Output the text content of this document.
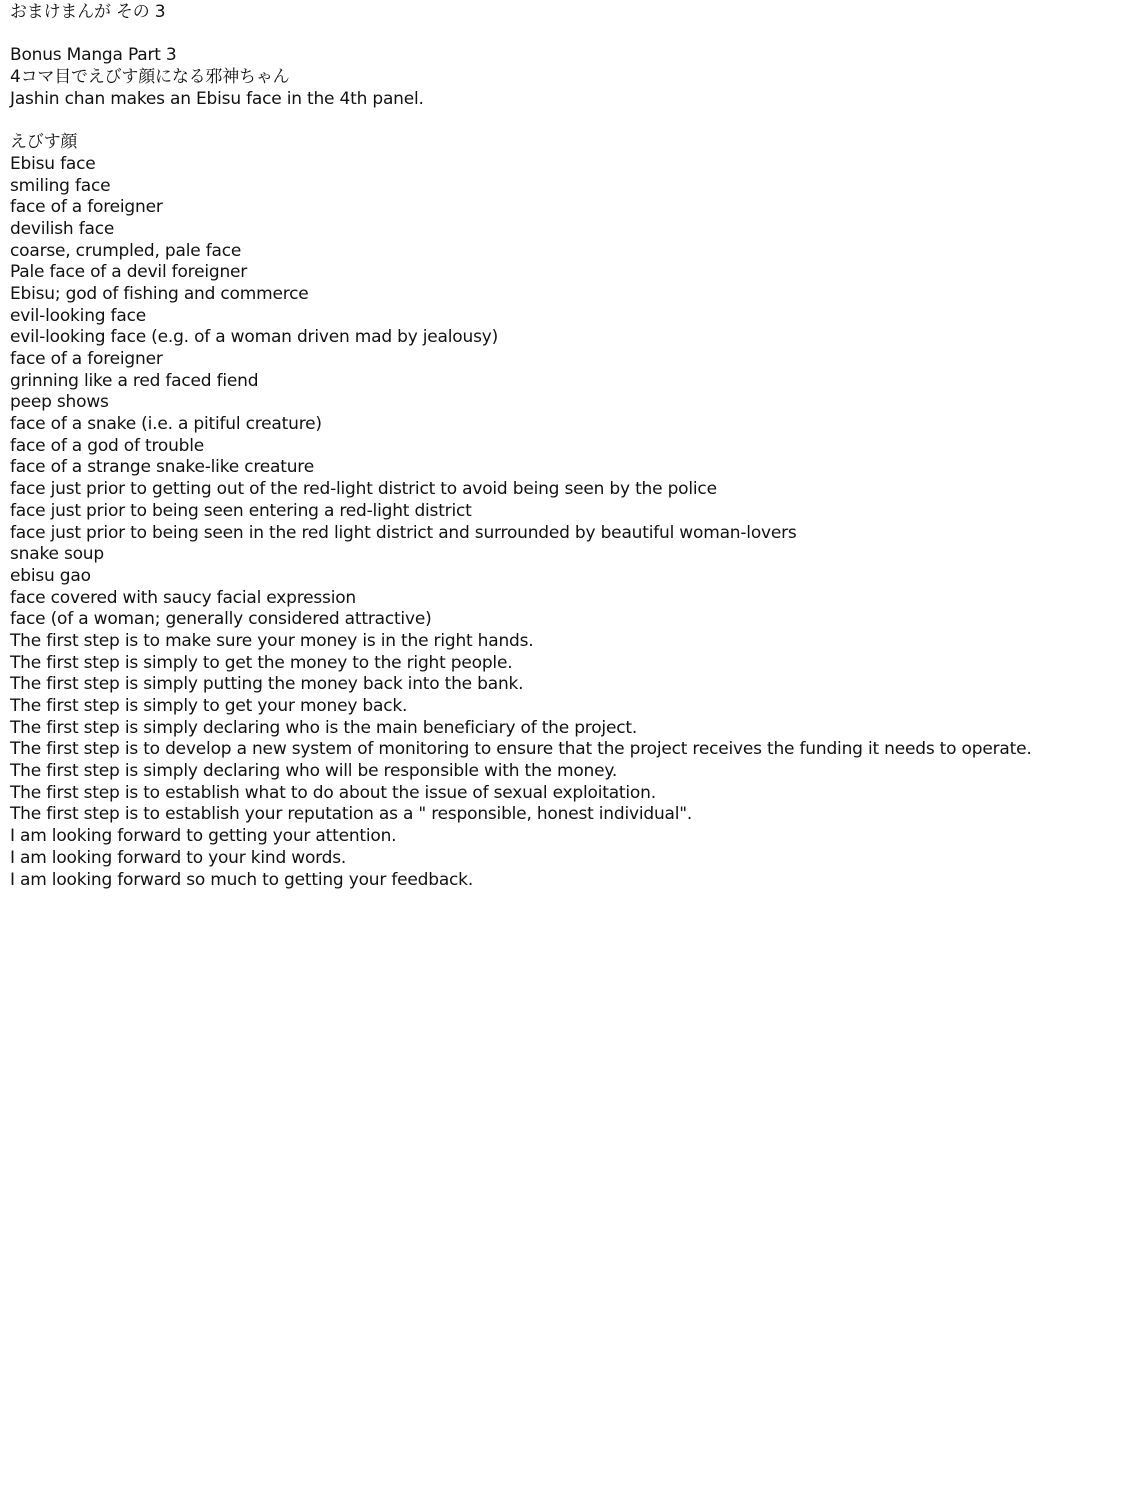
おまけまんが その 3
Bonus Manga Part 3
4コマ目でえびす顔になる邪神ちゃん
Jashin chan makes an Ebisu face in the 4th panel.
えびす顔
Ebisu face
smiling face
face of a foreigner
devilish face
coarse, crumpled, pale face
Pale face of a devil foreigner
Ebisu; god of fishing and commerce
evil-looking face
evil-looking face (e.g. of a woman driven mad by jealousy)
face of a foreigner
grinning like a red faced fiend
peep shows
face of a snake (i.e. a pitiful creature)
face of a god of trouble
face of a strange snake-like creature
face just prior to getting out of the red-light district to avoid being seen by the police
face just prior to being seen entering a red-light district
face just prior to being seen in the red light district and surrounded by beautiful woman-lovers
snake soup
ebisu gao
face covered with saucy facial expression
face (of a woman; generally considered attractive)
The first step is to make sure your money is in the right hands.
The first step is simply to get the money to the right people.
The first step is simply putting the money back into the bank.
The first step is simply to get your money back.
The first step is simply declaring who is the main beneficiary of the project.
The first step is to develop a new system of monitoring to ensure that the project receives the funding it needs to operate.
The first step is simply declaring who will be responsible with the money.
The first step is to establish what to do about the issue of sexual exploitation.
The first step is to establish your reputation as a " responsible, honest individual".
I am looking forward to getting your attention.
I am looking forward to your kind words.
I am looking forward so much to getting your feedback.
